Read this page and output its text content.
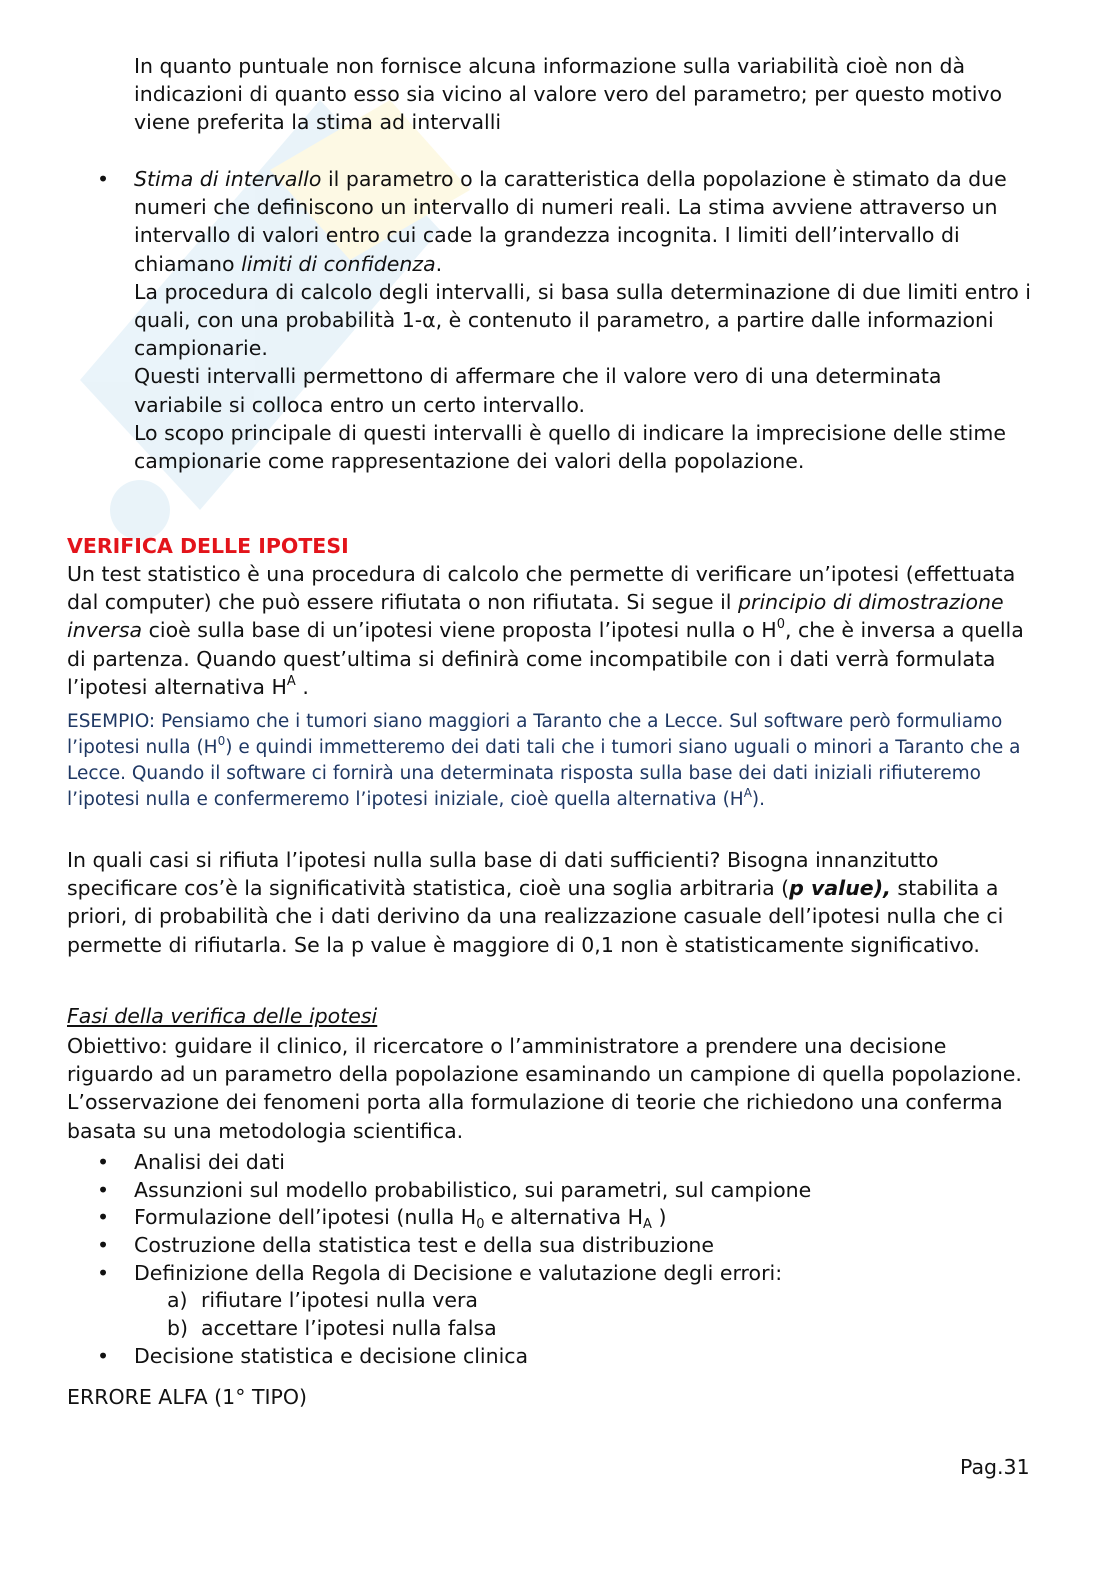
In quanto puntuale non fornisce alcuna informazione sulla variabilità cioè non dà indicazioni di quanto esso sia vicino al valore vero del parametro; per questo motivo viene preferita la stima ad intervalli

• Stima di intervallo il parametro o la caratteristica della popolazione è stimato da due numeri che definiscono un intervallo di numeri reali. La stima avviene attraverso un intervallo di valori entro cui cade la grandezza incognita. I limiti dell’intervallo di chiamano limiti di confidenza.

La procedura di calcolo degli intervalli, si basa sulla determinazione di due limiti entro i quali, con una probabilità 1-α, è contenuto il parametro, a partire dalle informazioni campionarie.

Questi intervalli permettono di affermare che il valore vero di una determinata variabile si colloca entro un certo intervallo.

Lo scopo principale di questi intervalli è quello di indicare la imprecisione delle stime campionarie come rappresentazione dei valori della popolazione.

VERIFICA DELLE IPOTESI

Un test statistico è una procedura di calcolo che permette di verificare un’ipotesi (effettuata dal computer) che può essere rifiutata o non rifiutata. Si segue il principio di dimostrazione inversa cioè sulla base di un’ipotesi viene proposta l’ipotesi nulla o $H^0$, che è inversa a quella di partenza. Quando quest’ultima si definirà come incompatibile con i dati verrà formulata l’ipotesi alternativa $H^A$ .

ESEMPIO: Pensiamo che i tumori siano maggiori a Taranto che a Lecce. Sul software però formuliamo l’ipotesi nulla $(H^0)$ e quindi immetteremo dei dati tali che i tumori siano uguali o minori a Taranto che a Lecce. Quando il software ci fornirà una determinata risposta sulla base dei dati iniziali rifiuteremo l’ipotesi nulla e confermeremo l’ipotesi iniziale, cioè quella alternativa $(H^A)$.

In quali casi si rifiuta l’ipotesi nulla sulla base di dati sufficienti? Bisogna innanzitutto specificare cos’è la significatività statistica, cioè una soglia arbitraria (p value), stabilita a priori, di probabilità che i dati derivino da una realizzazione casuale dell’ipotesi nulla che ci permette di rifiutarla. Se la p value è maggiore di 0,1 non è statisticamente significativo.

Fasi della verifica delle ipotesi

Obiettivo: guidare il clinico, il ricercatore o l’amministratore a prendere una decisione riguardo ad un parametro della popolazione esaminando un campione di quella popolazione. L’osservazione dei fenomeni porta alla formulazione di teorie che richiedono una conferma basata su una metodologia scientifica.

• Analisi dei dati
• Assunzioni sul modello probabilistico, sui parametri, sul campione
• Formulazione dell’ipotesi (nulla $H_0$ e alternativa $H_A$ )
• Costruzione della statistica test e della sua distribuzione
• Definizione della Regola di Decisione e valutazione degli errori:
a) rifiutare l’ipotesi nulla vera
b) accettare l’ipotesi nulla falsa
• Decisione statistica e decisione clinica

ERRORE ALFA (1° TIPO)

Pag.31
